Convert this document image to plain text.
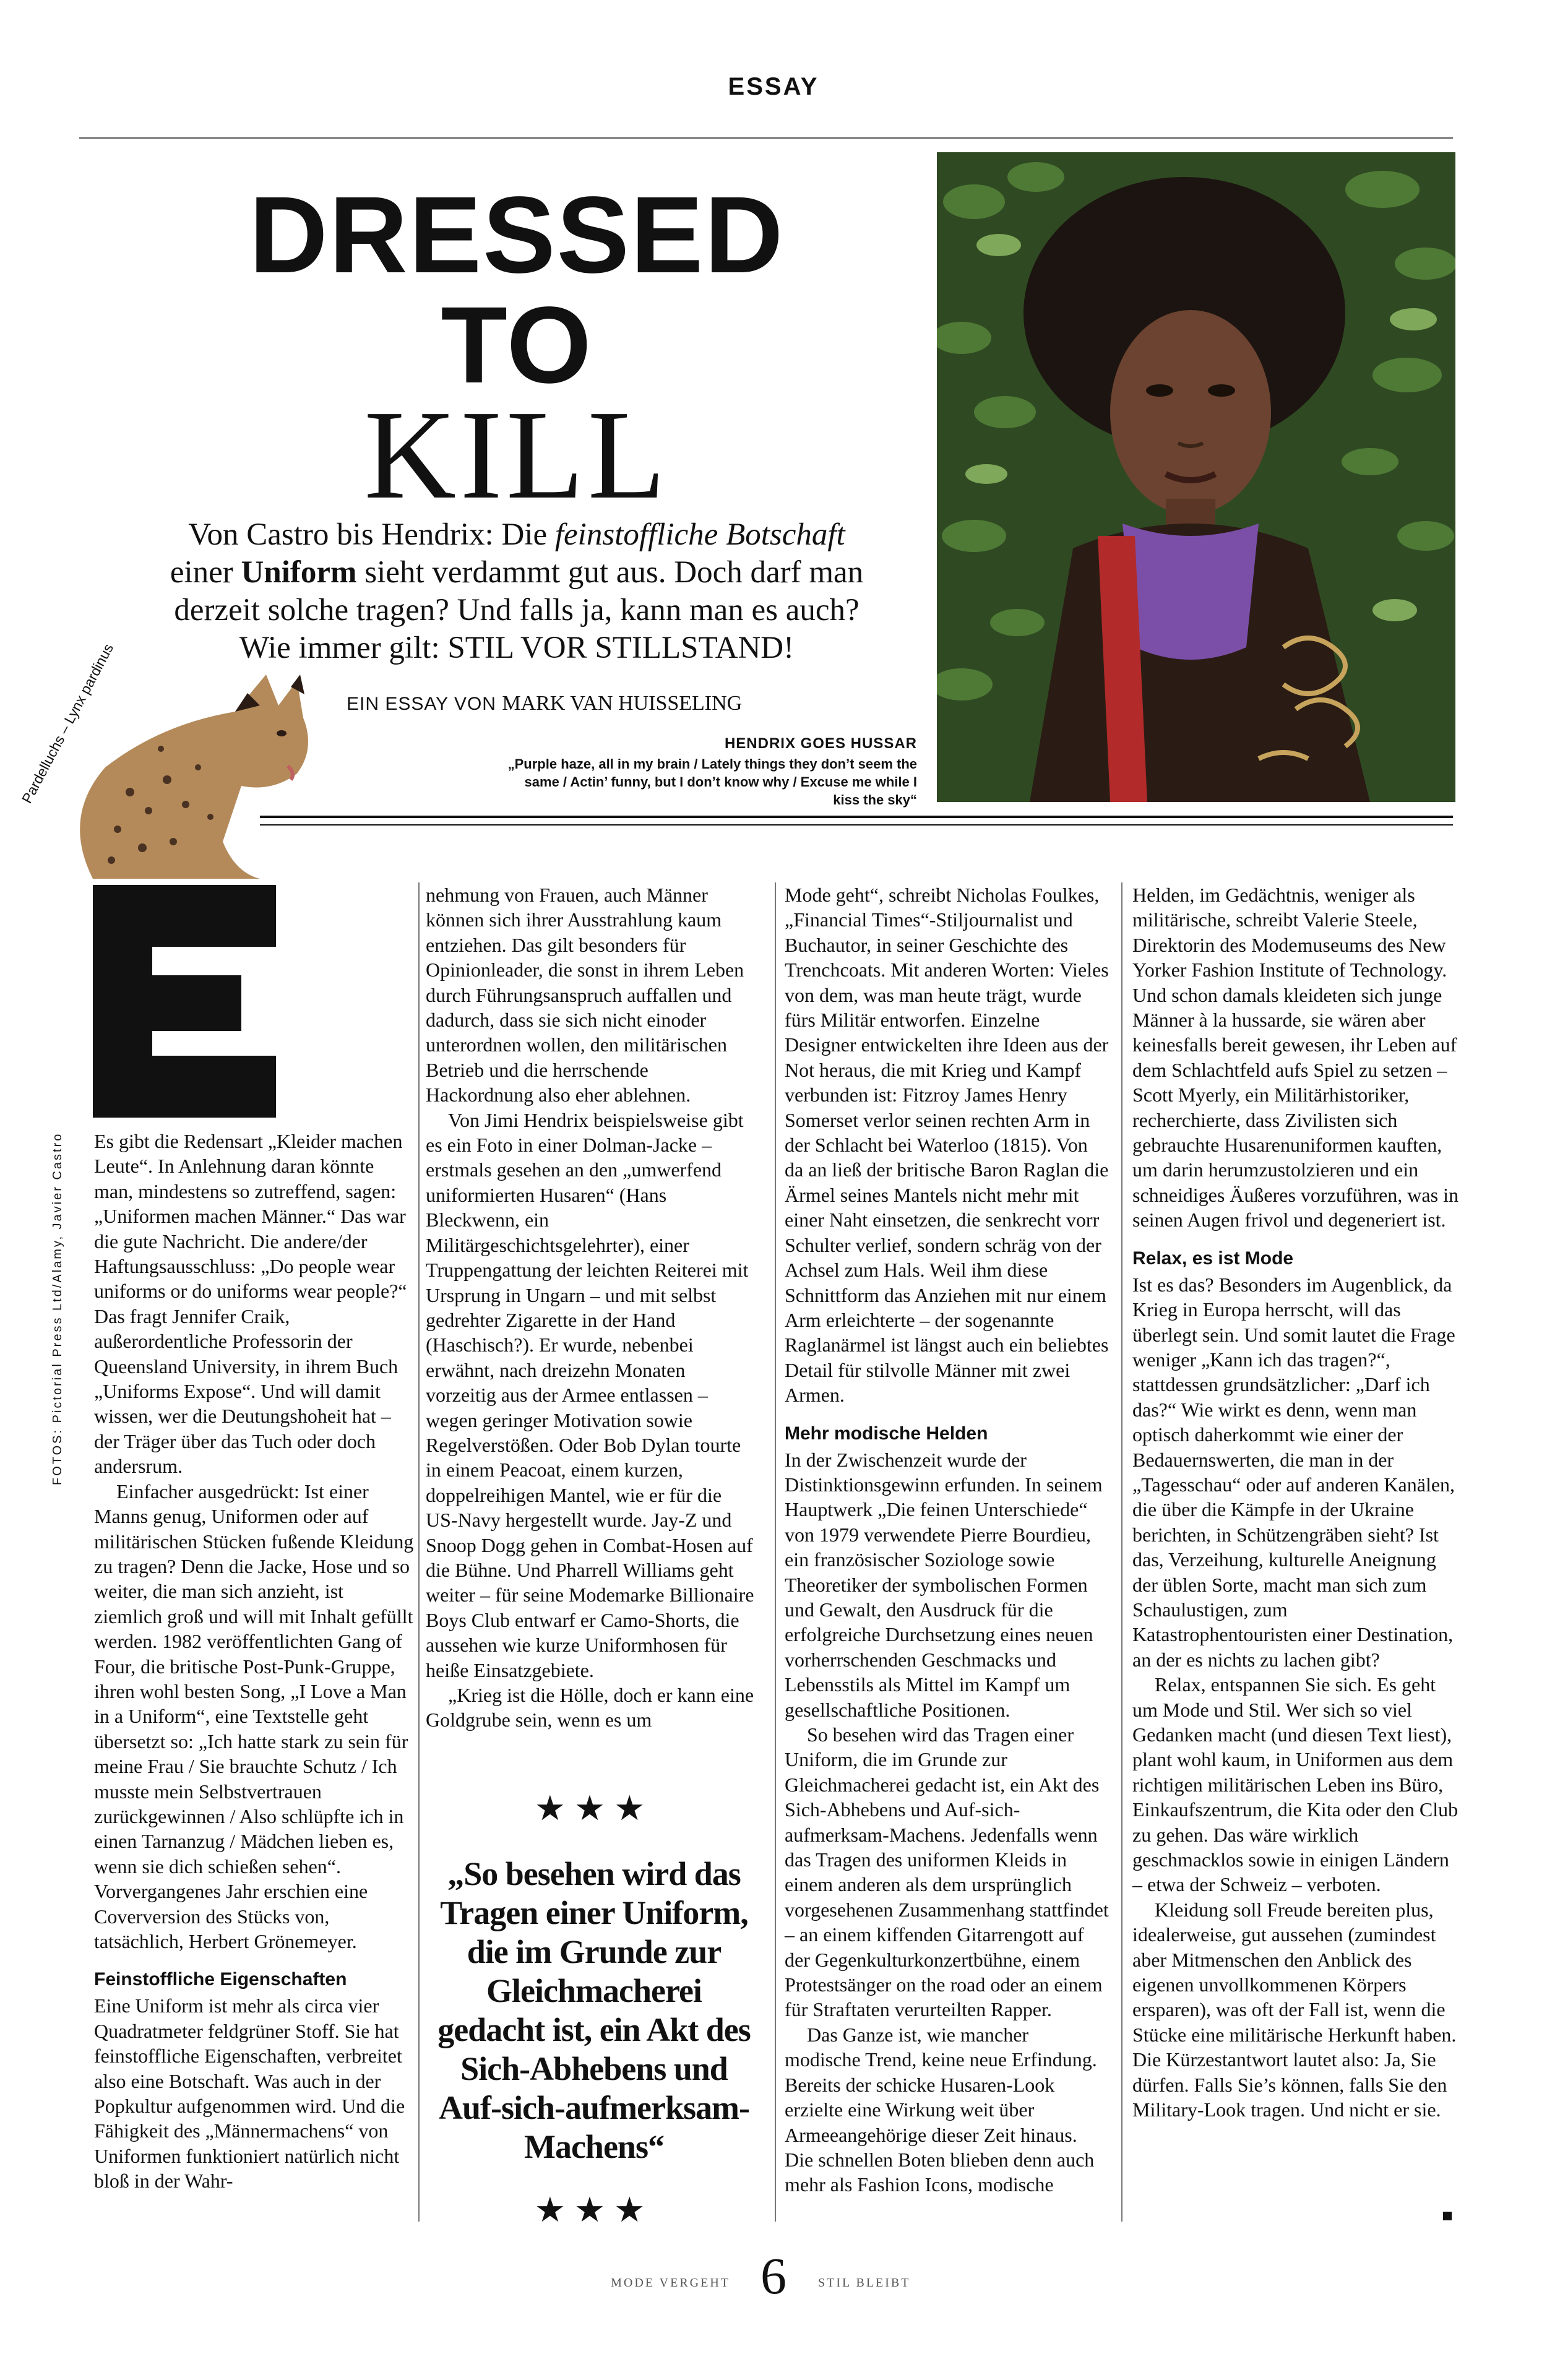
ESSAY
DRESSED
TO
KILL
Von Castro bis Hendrix: Die feinstoffliche Botschaft einer Uniform sieht verdammt gut aus. Doch darf man derzeit solche tragen? Und falls ja, kann man es auch? Wie immer gilt: STIL VOR STILLSTAND!
EIN ESSAY VON MARK VAN HUISSELING
HENDRIX GOES HUSSAR
„Purple haze, all in my brain / Lately things they don’t seem the same / Actin’ funny, but I don’t know why / Excuse me while I kiss the sky“
Pardelluchs – Lynx pardinus
FOTOS: Pictorial Press Ltd/Alamy, Javier Castro Es gibt die Redensart „Kleider machen Leute“. In Anlehnung daran könnte man, mindestens so zutreffend, sagen: „Uniformen machen Männer.“ Das war die gute Nachricht. Die andere/der Haftungsausschluss: „Do people wear uniforms or do uniforms wear people?“ Das fragt Jennifer Craik, außerordentliche Professorin der Queensland University, in ihrem Buch „Uniforms Expose“. Und will damit wissen, wer die Deutungshoheit hat – der Träger über das Tuch oder doch andersrum.

Einfacher ausgedrückt: Ist einer Manns genug, Uniformen oder auf militärischen Stücken fußende Kleidung zu tragen? Denn die Jacke, Hose und so weiter, die man sich anzieht, ist ziemlich groß und will mit Inhalt gefüllt werden. 1982 veröffentlichten Gang of Four, die britische Post-Punk-Gruppe, ihren wohl besten Song, „I Love a Man in a Uniform“, eine Textstelle geht übersetzt so: „Ich hatte stark zu sein für meine Frau / Sie brauchte Schutz / Ich musste mein Selbstvertrauen zurückgewinnen / Also schlüpfte ich in einen Tarnanzug / Mädchen lieben es, wenn sie dich schießen sehen“. Vorvergangenes Jahr erschien eine Coverversion des Stücks von, tatsächlich, Herbert Grönemeyer.

Feinstoffliche Eigenschaften

Eine Uniform ist mehr als circa vier Quadratmeter feldgrüner Stoff. Sie hat feinstoffliche Eigenschaften, verbreitet also eine Botschaft. Was auch in der Popkultur aufgenommen wird. Und die Fähigkeit des „Männermachens“ von Uniformen funktioniert natürlich nicht bloß in der Wahr-

nehmung von Frauen, auch Männer können sich ihrer Ausstrahlung kaum entziehen. Das gilt besonders für Opinionleader, die sonst in ihrem Leben durch Führungsanspruch auffallen und dadurch, dass sie sich nicht einoder unterordnen wollen, den militärischen Betrieb und die herrschende Hackordnung also eher ablehnen.

Von Jimi Hendrix beispielsweise gibt es ein Foto in einer Dolman-Jacke – erstmals gesehen an den „umwerfend uniformierten Husaren“ (Hans Bleckwenn, ein Militärgeschichtsgelehrter), einer Truppengattung der leichten Reiterei mit Ursprung in Ungarn – und mit selbst gedrehter Zigarette in der Hand (Haschisch?). Er wurde, nebenbei erwähnt, nach dreizehn Monaten vorzeitig aus der Armee entlassen – wegen geringer Motivation sowie Regelverstößen. Oder Bob Dylan tourte in einem Peacoat, einem kurzen, doppelreihigen Mantel, wie er für die US-Navy hergestellt wurde. Jay-Z und Snoop Dogg gehen in Combat-Hosen auf die Bühne. Und Pharrell Williams geht weiter – für seine Modemarke Billionaire Boys Club entwarf er Camo-Shorts, die aussehen wie kurze Uniformhosen für heiße Einsatzgebiete.

„Krieg ist die Hölle, doch er kann eine Goldgrube sein, wenn es um

★★★
„So besehen wird das Tragen einer Uniform, die im Grunde zur Gleichmacherei gedacht ist, ein Akt des Sich-Abhebens und Auf-sich-aufmerksam-Machens“
★★★

Mode geht“, schreibt Nicholas Foulkes, „Financial Times“-Stiljournalist und Buchautor, in seiner Geschichte des Trenchcoats. Mit anderen Worten: Vieles von dem, was man heute trägt, wurde fürs Militär entworfen. Einzelne Designer entwickelten ihre Ideen aus der Not heraus, die mit Krieg und Kampf verbunden ist: Fitzroy James Henry Somerset verlor seinen rechten Arm in der Schlacht bei Waterloo (1815). Von da an ließ der britische Baron Raglan die Ärmel seines Mantels nicht mehr mit einer Naht einsetzen, die senkrecht vorr Schulter verlief, sondern schräg von der Achsel zum Hals. Weil ihm diese Schnittform das Anziehen mit nur einem Arm erleichterte – der sogenannte Raglanärmel ist längst auch ein beliebtes Detail für stilvolle Männer mit zwei Armen.

Mehr modische Helden

In der Zwischenzeit wurde der Distinktionsgewinn erfunden. In seinem Hauptwerk „Die feinen Unterschiede“ von 1979 verwendete Pierre Bourdieu, ein französischer Soziologe sowie Theoretiker der symbolischen Formen und Gewalt, den Ausdruck für die erfolgreiche Durchsetzung eines neuen vorherrschenden Geschmacks und Lebensstils als Mittel im Kampf um gesellschaftliche Positionen.

So besehen wird das Tragen einer Uniform, die im Grunde zur Gleichmacherei gedacht ist, ein Akt des Sich-Abhebens und Auf-sich-aufmerksam-Machens. Jedenfalls wenn das Tragen des uniformen Kleids in einem anderen als dem ursprünglich vorgesehenen Zusammenhang stattfindet – an einem kiffenden Gitarrengott auf der Gegenkulturkonzertbühne, einem Protestsänger on the road oder an einem für Straftaten verurteilten Rapper.

Das Ganze ist, wie mancher modische Trend, keine neue Erfindung. Bereits der schicke Husaren-Look erzielte eine Wirkung weit über Armeeangehörige dieser Zeit hinaus. Die schnellen Boten blieben denn auch mehr als Fashion Icons, modische

Helden, im Gedächtnis, weniger als militärische, schreibt Valerie Steele, Direktorin des Modemuseums des New Yorker Fashion Institute of Technology. Und schon damals kleideten sich junge Männer à la hussarde, sie wären aber keinesfalls bereit gewesen, ihr Leben auf dem Schlachtfeld aufs Spiel zu setzen – Scott Myerly, ein Militärhistoriker, recherchierte, dass Zivilisten sich gebrauchte Husarenuniformen kauften, um darin herumzustolzieren und ein schneidiges Äußeres vorzuführen, was in seinen Augen frivol und degeneriert ist.

Relax, es ist Mode

Ist es das? Besonders im Augenblick, da Krieg in Europa herrscht, will das überlegt sein. Und somit lautet die Frage weniger „Kann ich das tragen?“, stattdessen grundsätzlicher: „Darf ich das?“ Wie wirkt es denn, wenn man optisch daherkommt wie einer der Bedauernswerten, die man in der „Tagesschau“ oder auf anderen Kanälen, die über die Kämpfe in der Ukraine berichten, in Schützengräben sieht? Ist das, Verzeihung, kulturelle Aneignung der üblen Sorte, macht man sich zum Schaulustigen, zum Katastrophentouristen einer Destination, an der es nichts zu lachen gibt?

Relax, entspannen Sie sich. Es geht um Mode und Stil. Wer sich so viel Gedanken macht (und diesen Text liest), plant wohl kaum, in Uniformen aus dem richtigen militärischen Leben ins Büro, Einkaufszentrum, die Kita oder den Club zu gehen. Das wäre wirklich geschmacklos sowie in einigen Ländern – etwa der Schweiz – verboten.

Kleidung soll Freude bereiten plus, idealerweise, gut aussehen (zumindest aber Mitmenschen den Anblick des eigenen unvollkommenen Körpers ersparen), was oft der Fall ist, wenn die Stücke eine militärische Herkunft haben. Die Kürzestantwort lautet also: Ja, Sie dürfen. Falls Sie’s können, falls Sie den Military-Look tragen. Und nicht er sie.

MODE VERGEHT 6	STIL BLEIBT
